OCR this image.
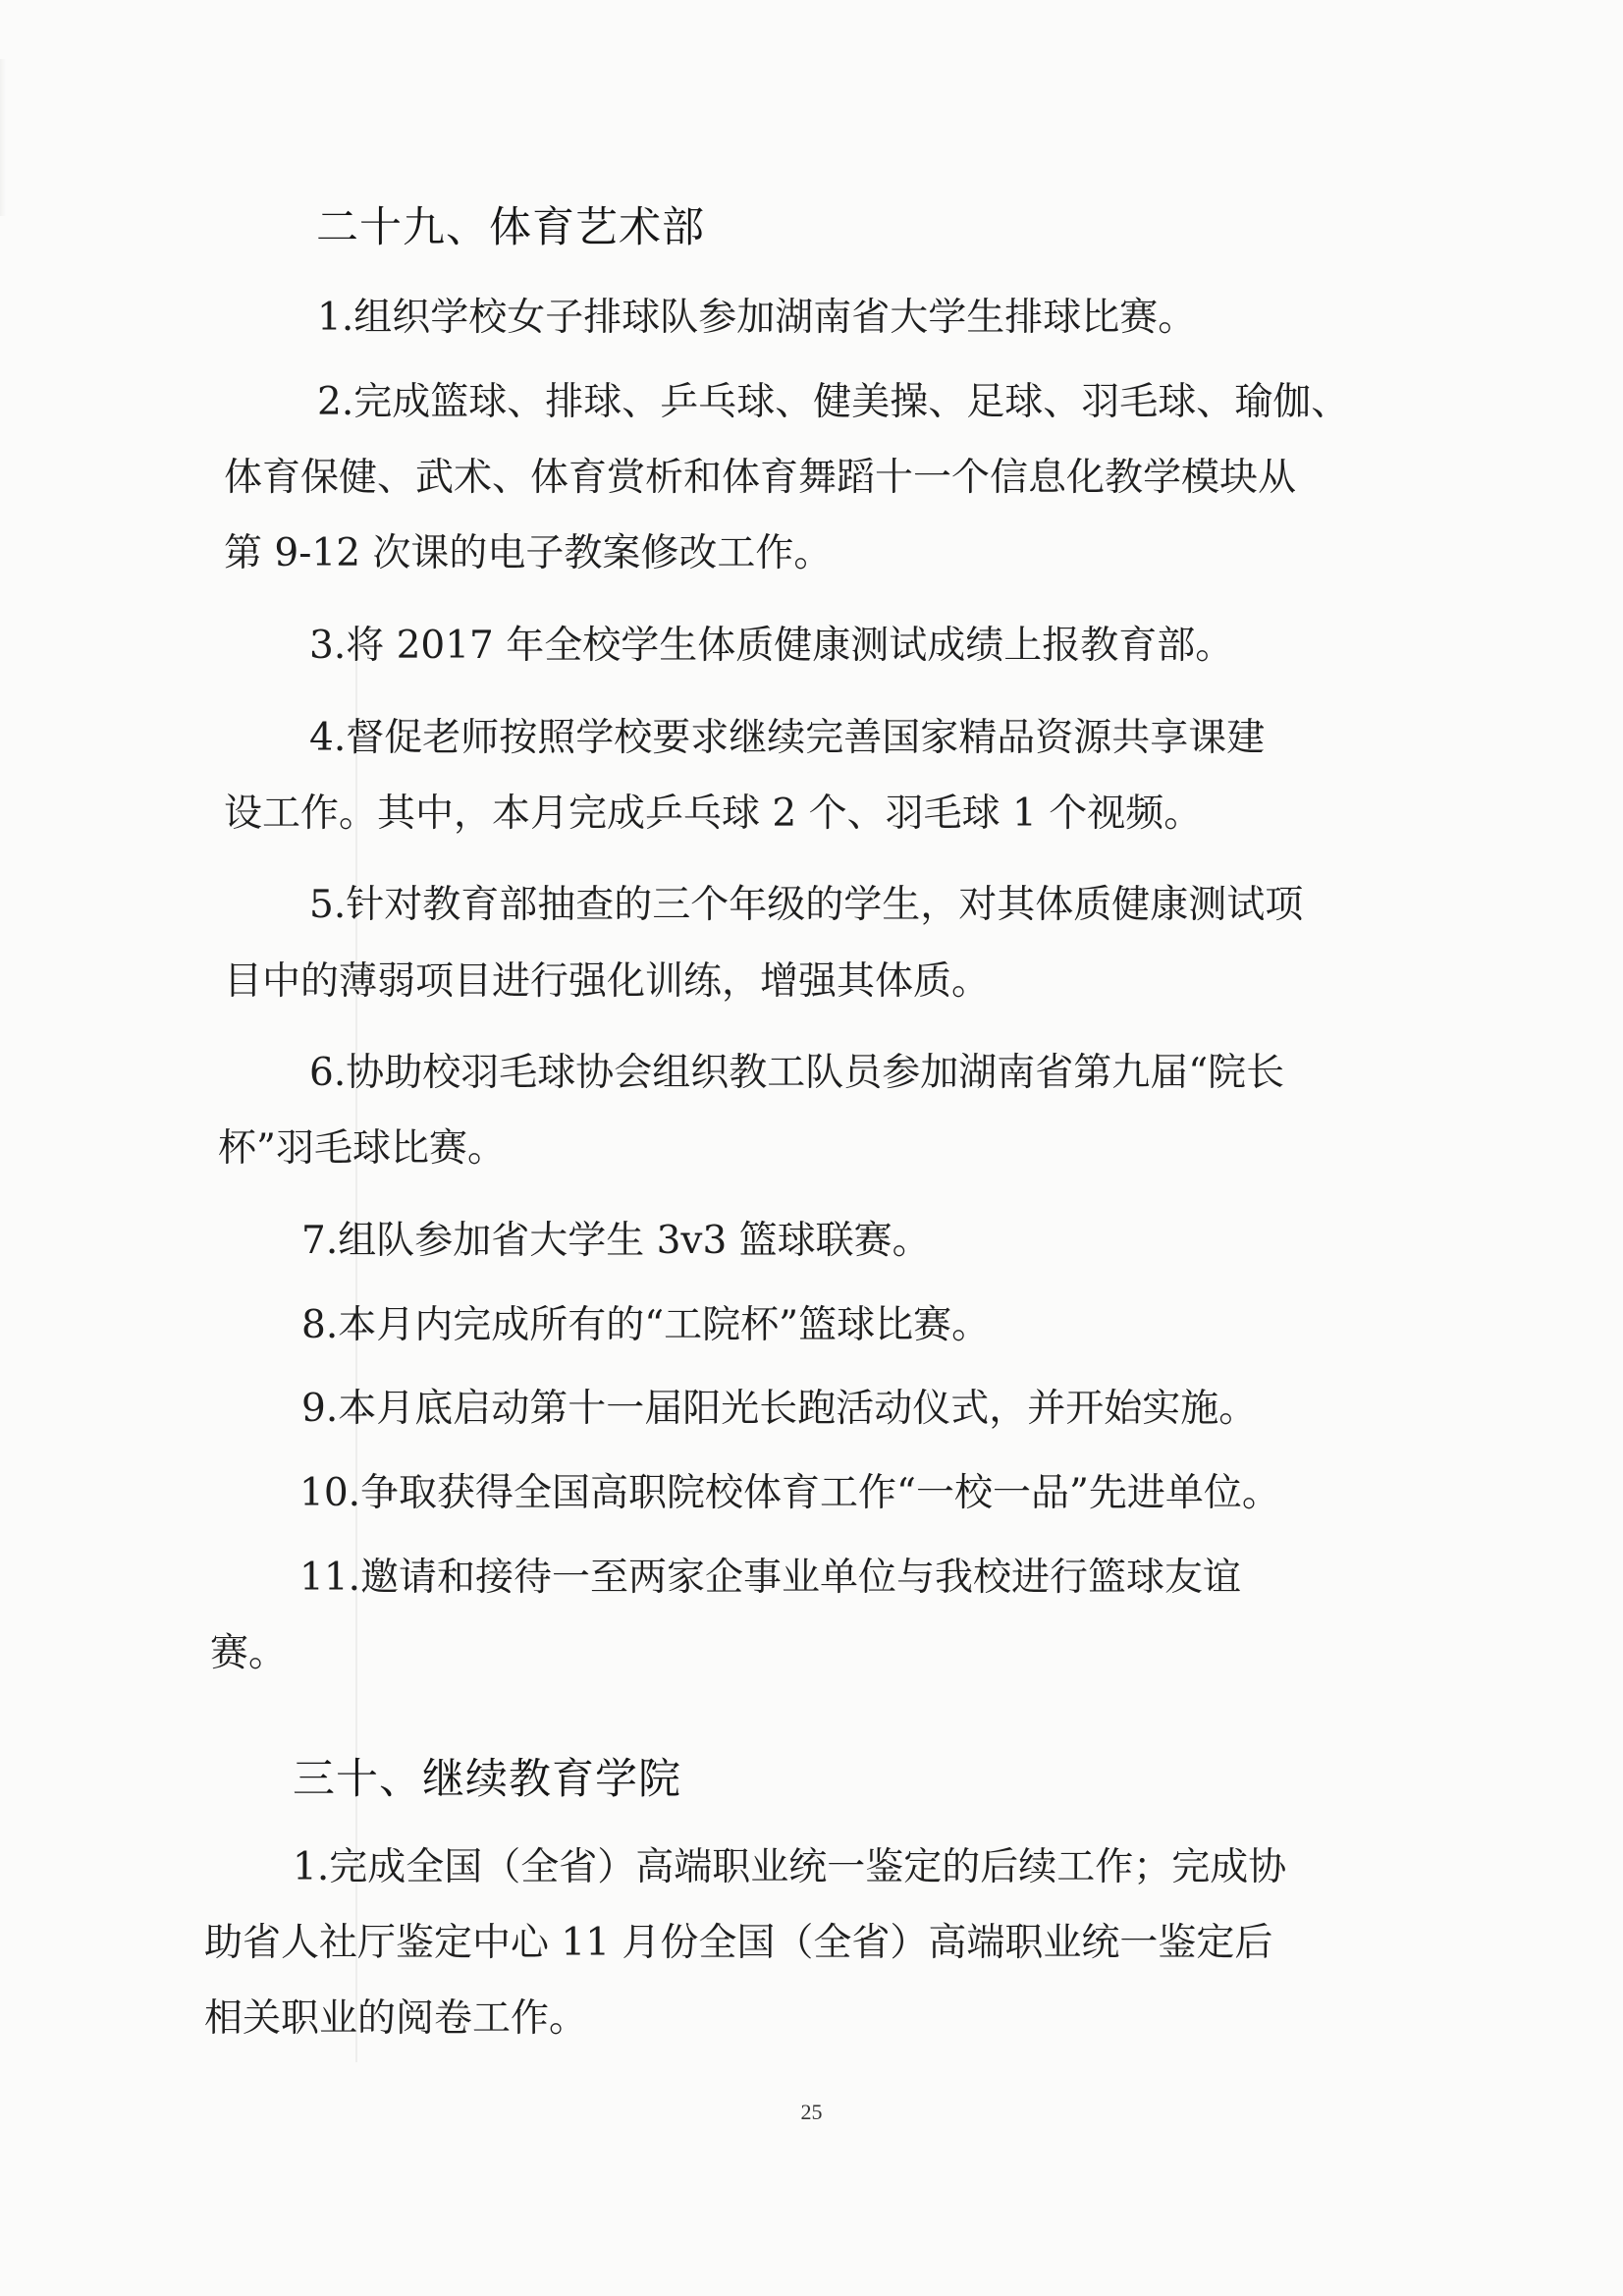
二十九、体育艺术部
1.组织学校女子排球队参加湖南省大学生排球比赛。
2.完成篮球、排球、乒乓球、健美操、足球、羽毛球、瑜伽、
体育保健、武术、体育赏析和体育舞蹈十一个信息化教学模块从
第 9-12 次课的电子教案修改工作。
3.将 2017 年全校学生体质健康测试成绩上报教育部。
4.督促老师按照学校要求继续完善国家精品资源共享课建
设工作。其中，本月完成乒乓球 2 个、羽毛球 1 个视频。
5.针对教育部抽查的三个年级的学生，对其体质健康测试项
目中的薄弱项目进行强化训练，增强其体质。
6.协助校羽毛球协会组织教工队员参加湖南省第九届“院长
杯”羽毛球比赛。
7.组队参加省大学生 3v3 篮球联赛。
8.本月内完成所有的“工院杯”篮球比赛。
9.本月底启动第十一届阳光长跑活动仪式，并开始实施。
10.争取获得全国高职院校体育工作“一校一品”先进单位。
11.邀请和接待一至两家企事业单位与我校进行篮球友谊
赛。
三十、继续教育学院
1.完成全国（全省）高端职业统一鉴定的后续工作；完成协
助省人社厅鉴定中心 11 月份全国（全省）高端职业统一鉴定后
相关职业的阅卷工作。
25
